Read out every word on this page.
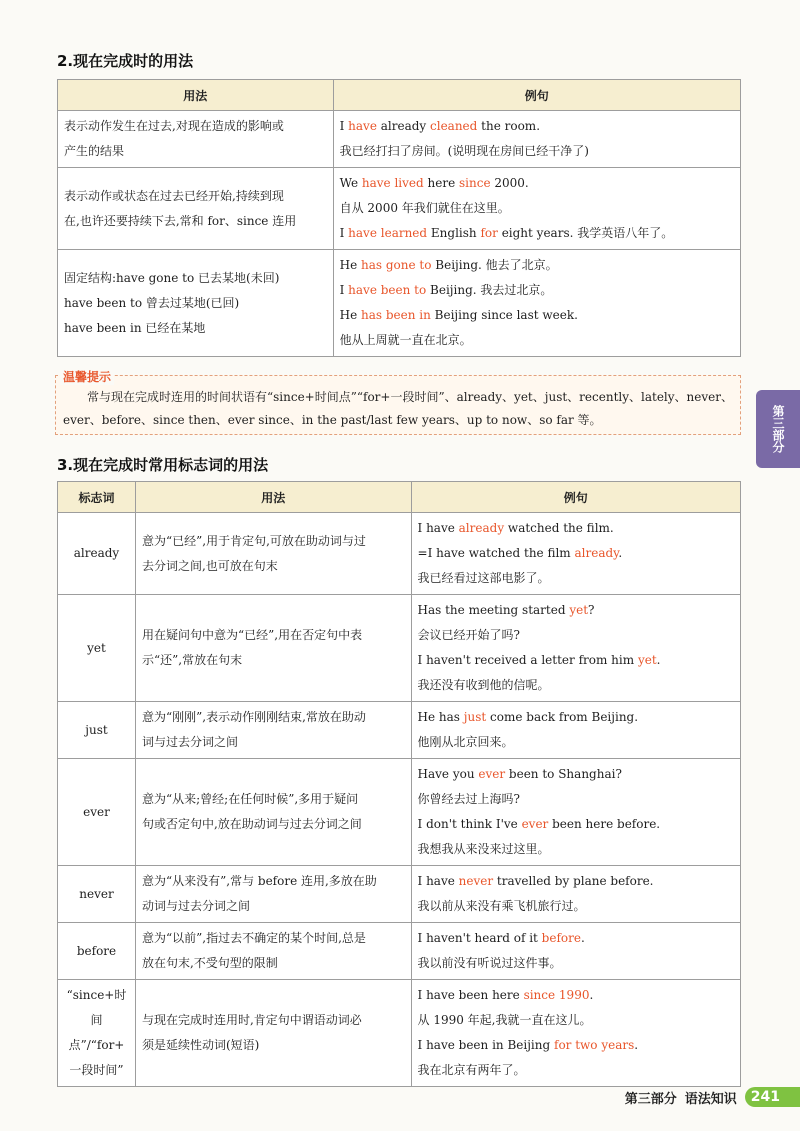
2.现在完成时的用法
用法	例句

表示动作发生在过去,对现在造成的影响或
产生的结果	I have already cleaned the room.
我已经打扫了房间。(说明现在房间已经干净了)

表示动作或状态在过去已经开始,持续到现
在,也许还要持续下去,常和 for、since 连用	We have lived here since 2000.
自从 2000 年我们就住在这里。
I have learned English for eight years. 我学英语八年了。

固定结构:have gone to 已去某地(未回)
have been to 曾去过某地(已回)
have been in 已经在某地	He has gone to Beijing. 他去了北京。
I have been to Beijing. 我去过北京。
He has been in Beijing since last week.
他从上周就一直在北京。
温馨提示
常与现在完成时连用的时间状语有“since+时间点”“for+一段时间”、already、yet、just、recently、lately、never、ever、before、since then、ever since、in the past/last few years、up to now、so far 等。	第三部分
3.现在完成时常用标志词的用法
标志词	用法	例句

already	意为“已经”,用于肯定句,可放在助动词与过
去分词之间,也可放在句末	I have already watched the film.
=I have watched the film already.
我已经看过这部电影了。

yet	用在疑问句中意为“已经”,用在否定句中表
示“还”,常放在句末	Has the meeting started yet?
会议已经开始了吗?
I haven't received a letter from him yet.
我还没有收到他的信呢。

just	意为“刚刚”,表示动作刚刚结束,常放在助动
词与过去分词之间	He has just come back from Beijing.
他刚从北京回来。

ever	意为“从来;曾经;在任何时候”,多用于疑问
句或否定句中,放在助动词与过去分词之间	Have you ever been to Shanghai?
你曾经去过上海吗?
I don't think I've ever been here before.
我想我从来没来过这里。

never	意为“从来没有”,常与 before 连用,多放在助
动词与过去分词之间	I have never travelled by plane before.
我以前从来没有乘飞机旅行过。

before	意为“以前”,指过去不确定的某个时间,总是
放在句末,不受句型的限制	I haven't heard of it before.
我以前没有听说过这件事。

“since+时间
点”/“for+
一段时间”	与现在完成时连用时,肯定句中谓语动词必
须是延续性动词(短语)	I have been here since 1990.
从 1990 年起,我就一直在这儿。
I have been in Beijing for two years.
我在北京有两年了。
第三部分 语法知识	241
